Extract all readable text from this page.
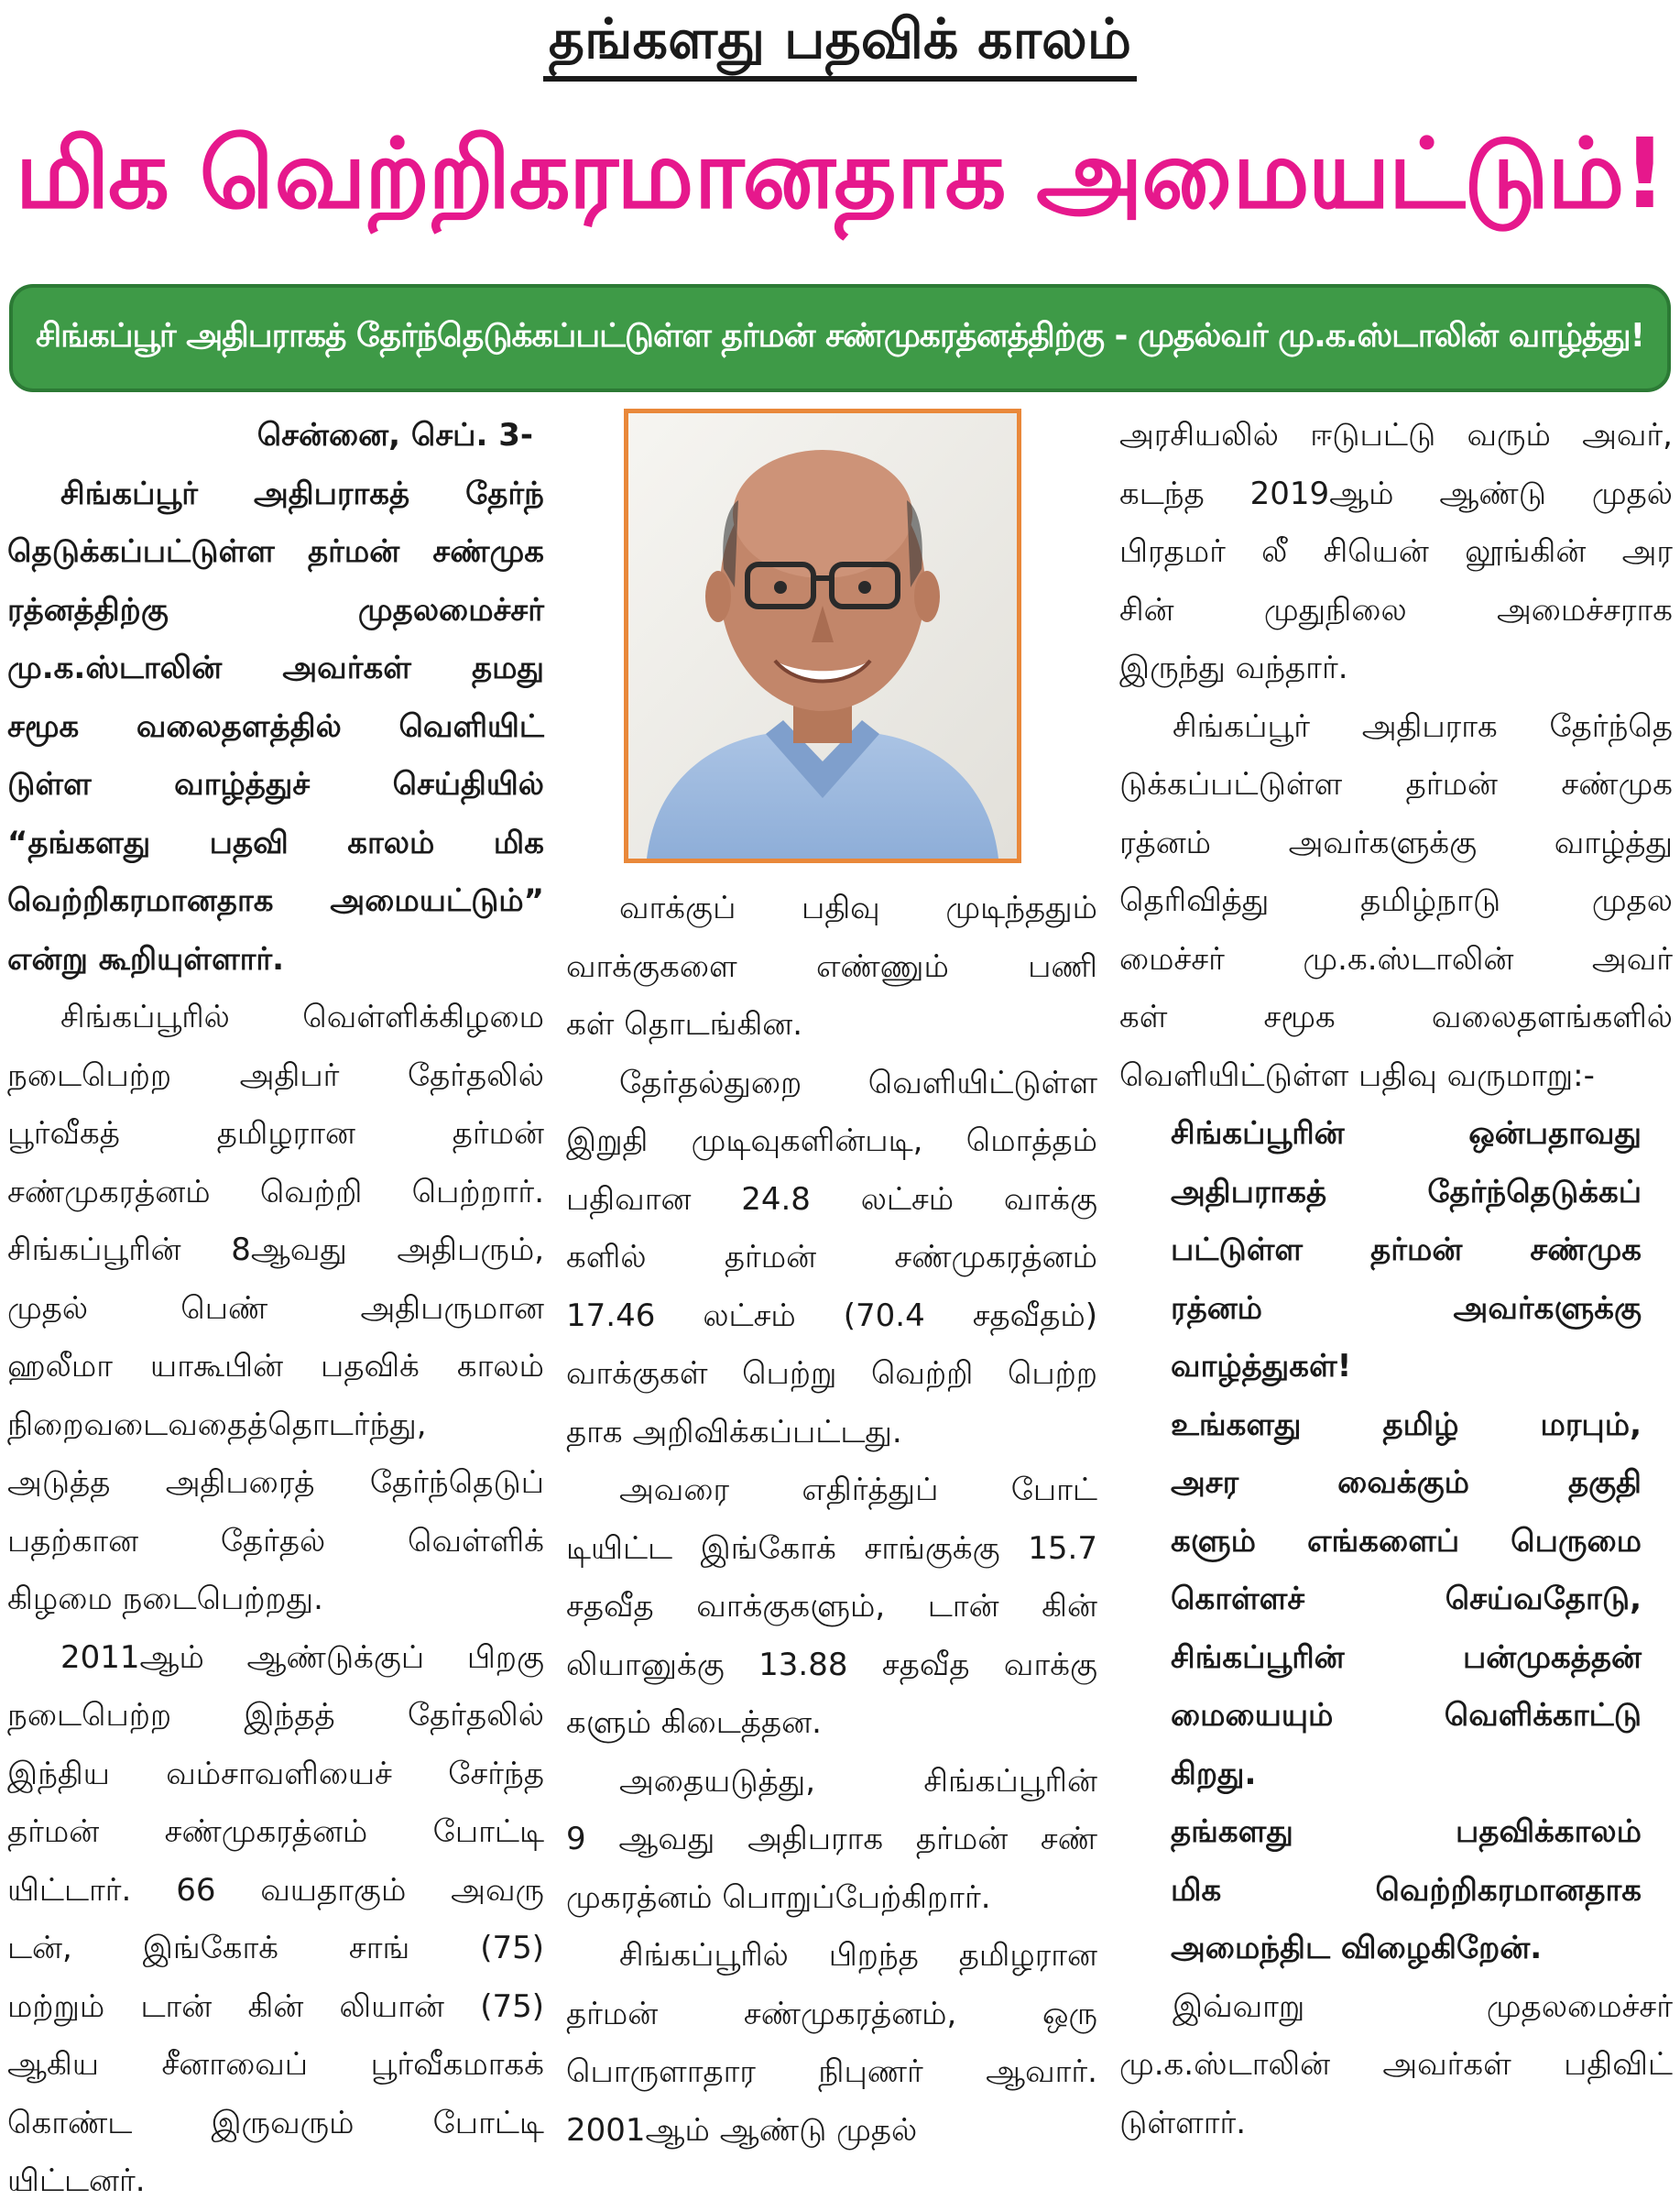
தங்களது பதவிக் காலம்
மிக வெற்றிகரமானதாக அமையட்டும்!
சிங்கப்பூர் அதிபராகத் தேர்ந்தெடுக்கப்பட்டுள்ள தர்மன் சண்முகரத்னத்திற்கு - முதல்வர் மு.க.ஸ்டாலின் வாழ்த்து!

சென்னை, செப். 3-

சிங்கப்பூர் அதிபராகத் தேர்ந்
தெடுக்கப்பட்டுள்ள தர்மன் சண்முக
ரத்னத்திற்கு முதலமைச்சர்
மு.க.ஸ்டாலின் அவர்கள் தமது
சமூக வலைதளத்தில் வெளியிட்
டுள்ள வாழ்த்துச் செய்தியில்
“தங்களது பதவி காலம் மிக
வெற்றிகரமானதாக அமையட்டும்”
என்று கூறியுள்ளார்.
சிங்கப்பூரில் வெள்ளிக்கிழமை
நடைபெற்ற அதிபர் தேர்தலில்
பூர்வீகத் தமிழரான தர்மன்
சண்முகரத்னம் வெற்றி பெற்றார்.
சிங்கப்பூரின் 8ஆவது அதிபரும்,
முதல் பெண் அதிபருமான
ஹலீமா யாகூபின் பதவிக் காலம்
நிறைவடைவதைத்தொடர்ந்து,
அடுத்த அதிபரைத் தேர்ந்தெடுப்
பதற்கான தேர்தல் வெள்ளிக்
கிழமை நடைபெற்றது.
2011ஆம் ஆண்டுக்குப் பிறகு
நடைபெற்ற இந்தத் தேர்தலில்
இந்திய வம்சாவளியைச் சேர்ந்த
தர்மன் சண்முகரத்னம் போட்டி
யிட்டார். 66 வயதாகும் அவரு
டன், இங்கோக் சாங் (75)
மற்றும் டான் கின் லியான் (75)
ஆகிய சீனாவைப் பூர்வீகமாகக்
கொண்ட இருவரும் போட்டி
யிட்டனர்.
வாக்குப் பதிவு முடிந்ததும்
வாக்குகளை எண்ணும் பணி
கள் தொடங்கின.
தேர்தல்துறை வெளியிட்டுள்ள
இறுதி முடிவுகளின்படி, மொத்தம்
பதிவான 24.8 லட்சம் வாக்கு
களில் தர்மன் சண்முகரத்னம்
17.46 லட்சம் (70.4 சதவீதம்)
வாக்குகள் பெற்று வெற்றி பெற்ற
தாக அறிவிக்கப்பட்டது.
அவரை எதிர்த்துப் போட்
டியிட்ட இங்கோக் சாங்குக்கு 15.7
சதவீத வாக்குகளும், டான் கின்
லியானுக்கு 13.88 சதவீத வாக்கு
களும் கிடைத்தன.
அதையடுத்து, சிங்கப்பூரின்
9 ஆவது அதிபராக தர்மன் சண்
முகரத்னம் பொறுப்பேற்கிறார்.
சிங்கப்பூரில் பிறந்த தமிழரான
தர்மன் சண்முகரத்னம், ஒரு
பொருளாதார நிபுணர் ஆவார்.
2001ஆம் ஆண்டு முதல்
அரசியலில் ஈடுபட்டு வரும் அவர்,
கடந்த 2019ஆம் ஆண்டு முதல்
பிரதமர் லீ சியென் லூங்கின் அர
சின் முதுநிலை அமைச்சராக
இருந்து வந்தார்.
சிங்கப்பூர் அதிபராக தேர்ந்தெ
டுக்கப்பட்டுள்ள தர்மன் சண்முக
ரத்னம் அவர்களுக்கு வாழ்த்து
தெரிவித்து தமிழ்நாடு முதல
மைச்சர் மு.க.ஸ்டாலின் அவர்
கள் சமூக வலைதளங்களில்
வெளியிட்டுள்ள பதிவு வருமாறு:-
சிங்கப்பூரின் ஒன்பதாவது
அதிபராகத் தேர்ந்தெடுக்கப்
பட்டுள்ள தர்மன் சண்முக
ரத்னம் அவர்களுக்கு
வாழ்த்துகள்!
உங்களது தமிழ் மரபும்,
அசர வைக்கும் தகுதி
களும் எங்களைப் பெருமை
கொள்ளச் செய்வதோடு,
சிங்கப்பூரின் பன்முகத்தன்
மையையும் வெளிக்காட்டு
கிறது.
தங்களது பதவிக்காலம்
மிக வெற்றிகரமானதாக
அமைந்திட விழைகிறேன்.
இவ்வாறு முதலமைச்சர்
மு.க.ஸ்டாலின் அவர்கள் பதிவிட்
டுள்ளார்.
